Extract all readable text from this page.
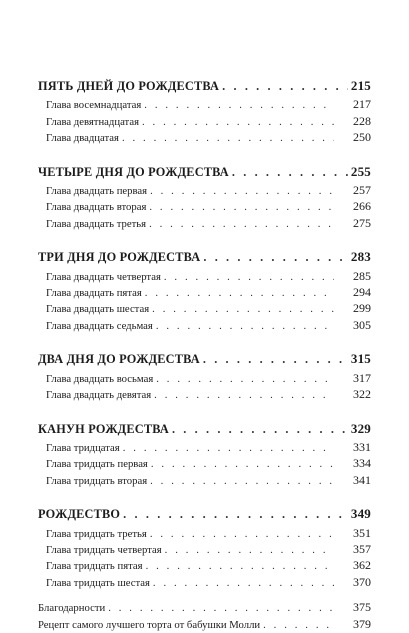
ПЯТЬ ДНЕЙ ДО РОЖДЕСТВА . . .	215
Глава восемнадцатая . . .	217
Глава девятнадцатая . . .	228
Глава двадцатая . . .	250
ЧЕТЫРЕ ДНЯ ДО РОЖДЕСТВА . . .	255
Глава двадцать первая . . .	257
Глава двадцать вторая . . .	266
Глава двадцать третья . . .	275
ТРИ ДНЯ ДО РОЖДЕСТВА . . .	283
Глава двадцать четвертая . . .	285
Глава двадцать пятая . . .	294
Глава двадцать шестая . . .	299
Глава двадцать седьмая . . .	305
ДВА ДНЯ ДО РОЖДЕСТВА . . .	315
Глава двадцать восьмая . . .	317
Глава двадцать девятая . . .	322
КАНУН РОЖДЕСТВА . . .	329
Глава тридцатая . . .	331
Глава тридцать первая . . .	334
Глава тридцать вторая . . .	341
РОЖДЕСТВО . . .	349
Глава тридцать третья . . .	351
Глава тридцать четвертая . . .	357
Глава тридцать пятая . . .	362
Глава тридцать шестая . . .	370
Благодарности . . .	375
Рецепт самого лучшего торта от бабушки Молли . . .	379
